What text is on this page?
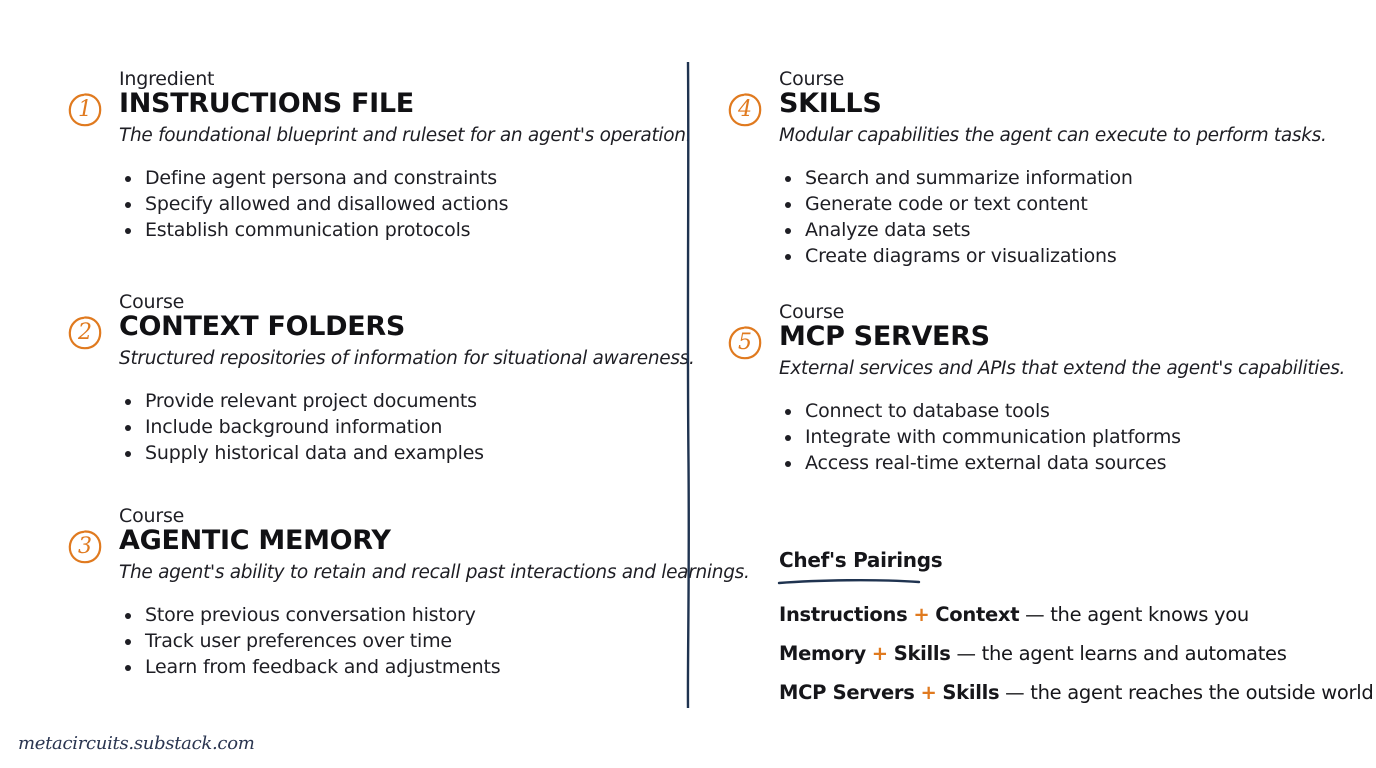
Ingredient
1	INSTRUCTIONS FILE
The foundational blueprint and ruleset for an agent's operation.
Define agent persona and constraints
Specify allowed and disallowed actions
Establish communication protocols
Course
2	CONTEXT FOLDERS
Structured repositories of information for situational awareness.
Provide relevant project documents
Include background information
Supply historical data and examples
Course
3	AGENTIC MEMORY
The agent's ability to retain and recall past interactions and learnings.
Store previous conversation history
Track user preferences over time
Learn from feedback and adjustments
Course
4	SKILLS
Modular capabilities the agent can execute to perform tasks.
Search and summarize information
Generate code or text content
Analyze data sets
Create diagrams or visualizations
Course
5	MCP SERVERS
External services and APIs that extend the agent's capabilities.
Connect to database tools
Integrate with communication platforms
Access real-time external data sources
Chef's Pairings
Instructions + Context — the agent knows you
Memory + Skills — the agent learns and automates
MCP Servers + Skills — the agent reaches the outside world
metacircuits.substack.com
